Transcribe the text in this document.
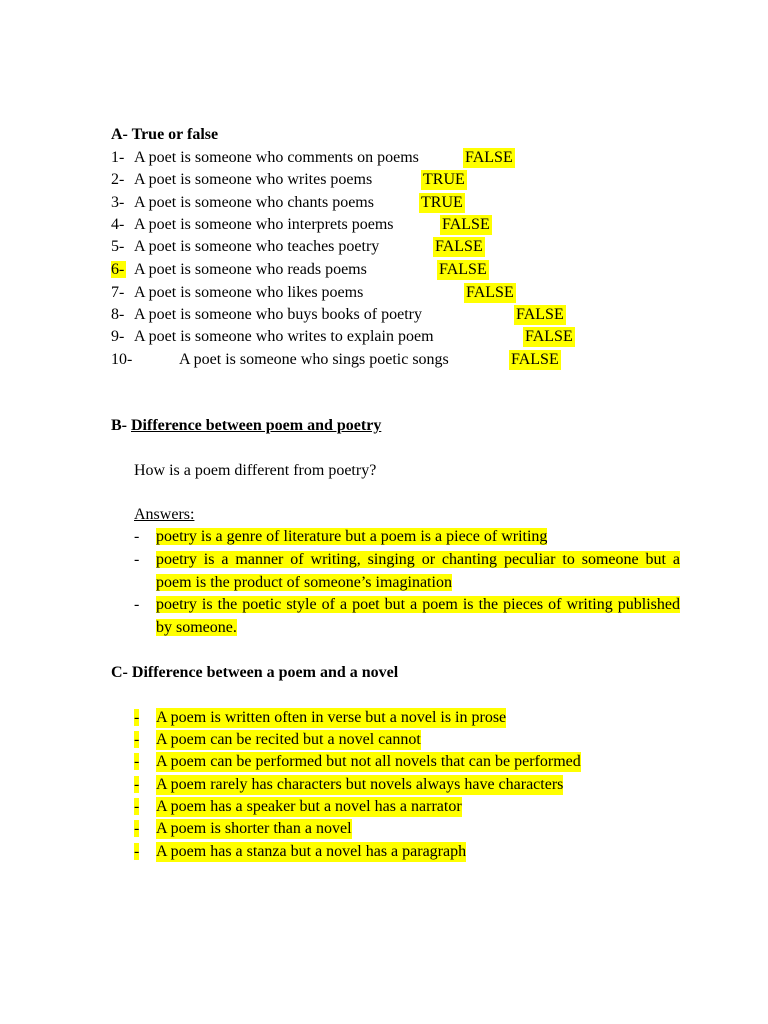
A- True or false
1- A poet is someone who comments on poems	FALSE
2- A poet is someone who writes poems	TRUE
3- A poet is someone who chants poems	TRUE
4- A poet is someone who interprets poems	FALSE
5- A poet is someone who teaches poetry	FALSE
6- A poet is someone who reads poems	FALSE
7- A poet is someone who likes poems	FALSE
8- A poet is someone who buys books of poetry	FALSE
9- A poet is someone who writes to explain poem	FALSE
10-	A poet is someone who sings poetic songs	FALSE
B- Difference between poem and poetry
How is a poem different from poetry?
Answers:
- poetry is a genre of literature but a poem is a piece of writing
- poetry is a manner of writing, singing or chanting peculiar to someone but a poem is the product of someone’s imagination
- poetry is the poetic style of a poet but a poem is the pieces of writing published by someone.
C- Difference between a poem and a novel
- A poem is written often in verse but a novel is in prose
- A poem can be recited but a novel cannot
- A poem can be performed but not all novels that can be performed
- A poem rarely has characters but novels always have characters
- A poem has a speaker but a novel has a narrator
- A poem is shorter than a novel
- A poem has a stanza but a novel has a paragraph
